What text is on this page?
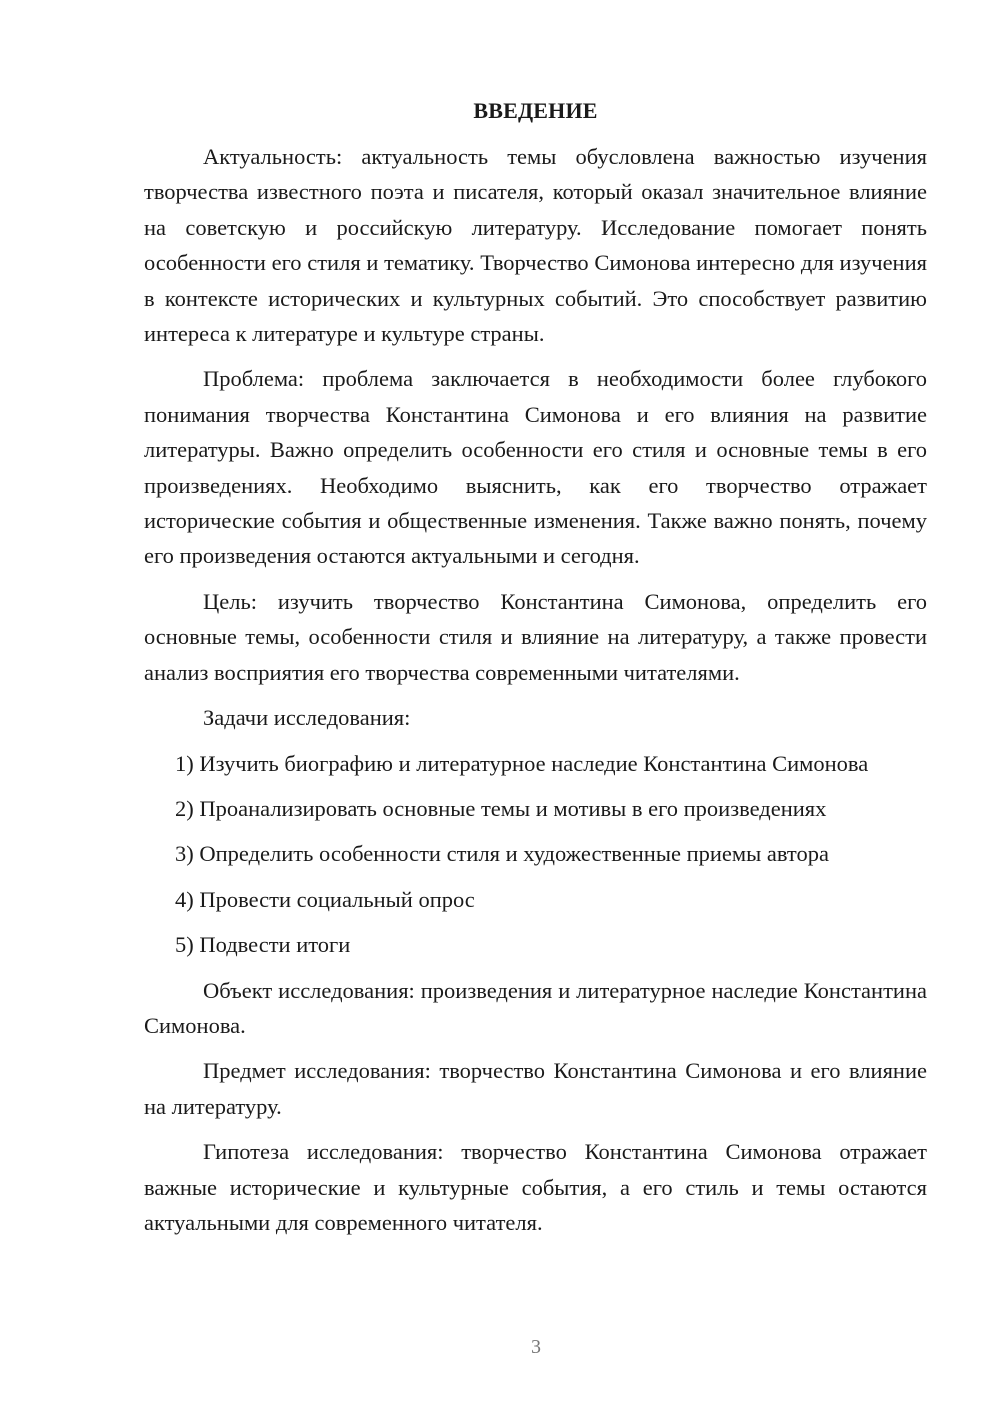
ВВЕДЕНИЕ

Актуальность: актуальность темы обусловлена важностью изучения творчества известного поэта и писателя, который оказал значительное влияние на советскую и российскую литературу. Исследование помогает понять особенности его стиля и тематику. Творчество Симонова интересно для изучения в контексте исторических и культурных событий. Это способствует развитию интереса к литературе и культуре страны.

Проблема: проблема заключается в необходимости более глубокого понимания творчества Константина Симонова и его влияния на развитие литературы. Важно определить особенности его стиля и основные темы в его произведениях. Необходимо выяснить, как его творчество отражает исторические события и общественные изменения. Также важно понять, почему его произведения остаются актуальными и сегодня.

Цель: изучить творчество Константина Симонова, определить его основные темы, особенности стиля и влияние на литературу, а также провести анализ восприятия его творчества современными читателями.

Задачи исследования:

1) Изучить биографию и литературное наследие Константина Симонова
2) Проанализировать основные темы и мотивы в его произведениях
3) Определить особенности стиля и художественные приемы автора
4) Провести социальный опрос
5) Подвести итоги

Объект исследования: произведения и литературное наследие Константина Симонова.

Предмет исследования: творчество Константина Симонова и его влияние на литературу.

Гипотеза исследования: творчество Константина Симонова отражает важные исторические и культурные события, а его стиль и темы остаются актуальными для современного читателя.

3
